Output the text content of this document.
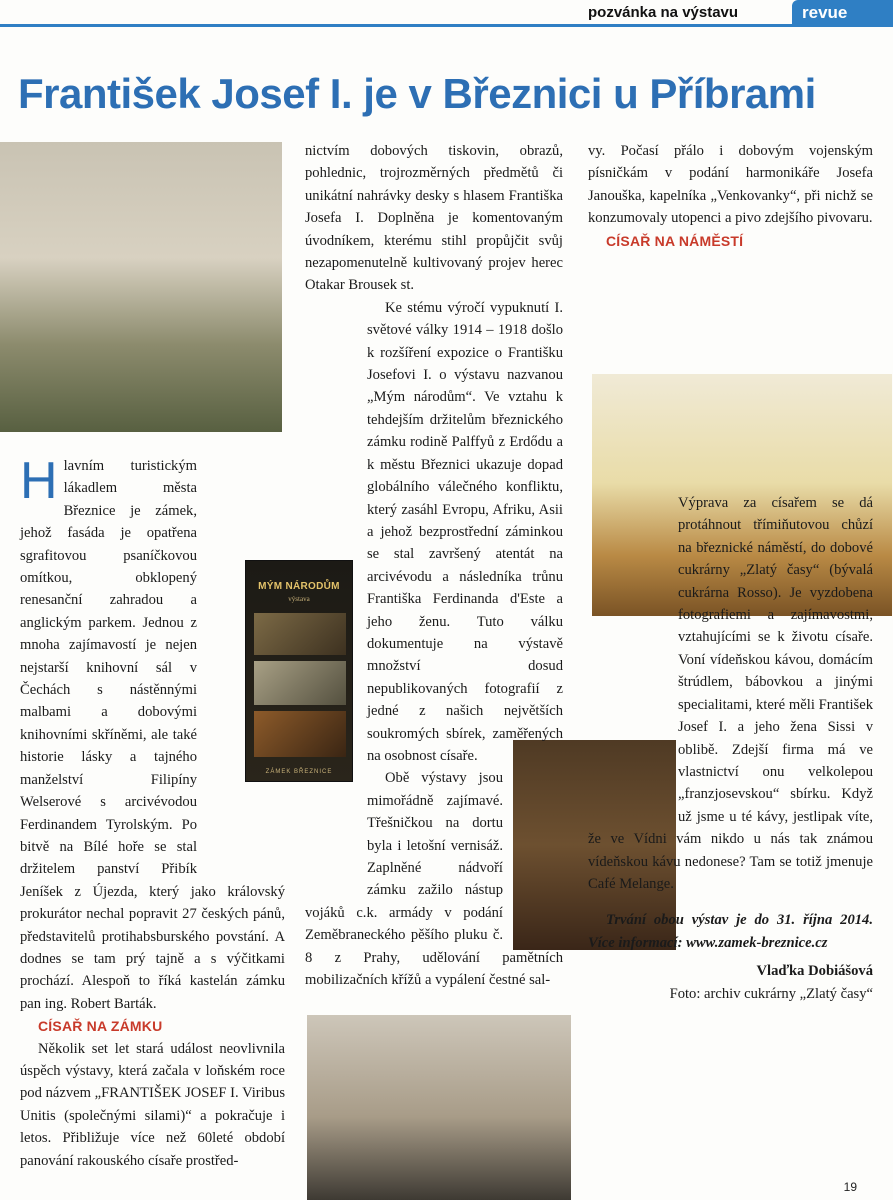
pozvánka na výstavu	revue
František Josef I. je v Březnici u Příbrami
MÝM NÁRODŮM
výstava
ZÁMEK BŘEZNICE

Hlavním turistickým lákadlem města Březnice je zámek, jehož fasáda je opatřena sgrafitovou psaníčkovou omítkou, obklopený renesanční zahradou a anglickým parkem. Jednou z mnoha zajímavostí je nejen nejstarší knihovní sál v Čechách s nástěnnými malbami a dobovými knihovními skříněmi, ale také historie lásky a tajného manželství Filipíny Welserové s arcivévodou Ferdinandem Tyrolským. Po bitvě na Bílé hoře se stal držitelem panství Přibík Jeníšek z Újezda, který jako královský prokurátor nechal popravit 27 českých pánů, představitelů protihabsburského povstání. A dodnes se tam prý tajně a s výčitkami prochází. Alespoň to říká kastelán zámku pan ing. Robert Barták.

CÍSAŘ NA ZÁMKU

Několik set let stará událost neovlivnila úspěch výstavy, která začala v loňském roce pod názvem „FRANTIŠEK JOSEF I. Viribus Unitis (společnými silami)“ a pokračuje i letos. Přibližuje více než 60leté období panování rakouského císaře prostřed-

nictvím dobových tiskovin, obrazů, pohlednic, trojrozměrných předmětů či unikátní nahrávky desky s hlasem Františka Josefa I. Doplněna je komentovaným úvodníkem, kterému stihl propůjčit svůj nezapomenutelně kultivovaný projev herec Otakar Brousek st.

Ke stému výročí vypuknutí I. světové války 1914 – 1918 došlo k rozšíření expozice o Františku Josefovi I. o výstavu nazvanou „Mým národům“. Ve vztahu k tehdejším držitelům březnického zámku rodině Palffyů z Erdődu a k městu Březnici ukazuje dopad globálního válečného konfliktu, který zasáhl Evropu, Afriku, Asii a jehož bezprostřední záminkou se stal završený atentát na arcivévodu a následníka trůnu Františka Ferdinanda d'Este a jeho ženu. Tuto válku dokumentuje na výstavě množství dosud nepublikovaných fotografií z jedné z našich největších soukromých sbírek, zaměřených na osobnost císaře.

Obě výstavy jsou mimořádně zajímavé. Třešničkou na dortu byla i letošní vernisáž. Zaplněné nádvoří zámku zažilo nástup vojáků c.k. armády v podání Zeměbraneckého pěšího pluku č. 8 z Prahy, udělování pamětních mobilizačních křížů a vypálení čestné sal-

vy. Počasí přálo i dobovým vojenským písničkám v podání harmonikáře Josefa Janouška, kapelníka „Venkovanky“, při nichž se konzumovaly utopenci a pivo zdejšího pivovaru.

CÍSAŘ NA NÁMĚSTÍ

Výprava za císařem se dá protáhnout třímiňutovou chůzí na březnické náměstí, do dobové cukrárny „Zlatý časy“ (bývalá cukrárna Rosso). Je vyzdobena fotografiemi a zajímavostmi, vztahujícími se k životu císaře. Voní vídeňskou kávou, domácím štrúdlem, bábovkou a jinými specialitami, které měli František Josef I. a jeho žena Sissi v oblibě. Zdejší firma má ve vlastnictví onu velkolepou „franzjosevskou“ sbírku. Když už jsme u té kávy, jestlipak víte, že ve Vídni vám nikdo u nás tak známou vídeňskou kávu nedonese? Tam se totiž jmenuje Café Melange.

Trvání obou výstav je do 31. října 2014. Více informací: www.zamek-breznice.cz

Vlaďka Dobiášová

Foto: archiv cukrárny „Zlatý časy“

19
